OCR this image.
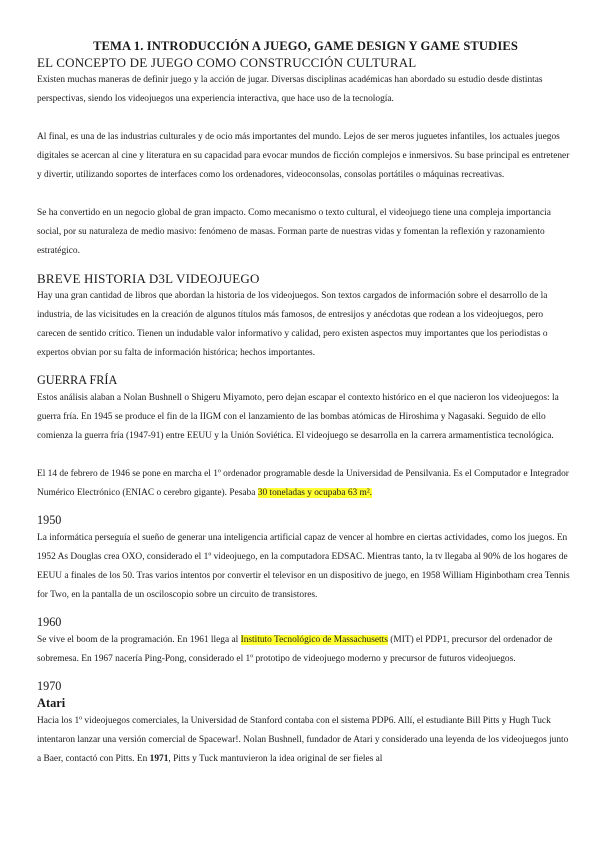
TEMA 1. INTRODUCCIÓN A JUEGO, GAME DESIGN Y GAME STUDIES
EL CONCEPTO DE JUEGO COMO CONSTRUCCIÓN CULTURAL

Existen muchas maneras de definir juego y la acción de jugar. Diversas disciplinas académicas han abordado su estudio desde distintas perspectivas, siendo los videojuegos una experiencia interactiva, que hace uso de la tecnología.

Al final, es una de las industrias culturales y de ocio más importantes del mundo. Lejos de ser meros juguetes infantiles, los actuales juegos digitales se acercan al cine y literatura en su capacidad para evocar mundos de ficción complejos e inmersivos. Su base principal es entretener y divertir, utilizando soportes de interfaces como los ordenadores, videoconsolas, consolas portátiles o máquinas recreativas.

Se ha convertido en un negocio global de gran impacto. Como mecanismo o texto cultural, el videojuego tiene una compleja importancia social, por su naturaleza de medio masivo: fenómeno de masas. Forman parte de nuestras vidas y fomentan la reflexión y razonamiento estratégico.

BREVE HISTORIA D3L VIDEOJUEGO

Hay una gran cantidad de libros que abordan la historia de los videojuegos. Son textos cargados de información sobre el desarrollo de la industria, de las vicisitudes en la creación de algunos títulos más famosos, de entresijos y anécdotas que rodean a los videojuegos, pero carecen de sentido crítico. Tienen un indudable valor informativo y calidad, pero existen aspectos muy importantes que los periodistas o expertos obvian por su falta de información histórica; hechos importantes.

GUERRA FRÍA

Estos análisis alaban a Nolan Bushnell o Shigeru Miyamoto, pero dejan escapar el contexto histórico en el que nacieron los videojuegos: la guerra fría. En 1945 se produce el fin de la IIGM con el lanzamiento de las bombas atómicas de Hiroshima y Nagasaki. Seguido de ello comienza la guerra fría (1947-91) entre EEUU y la Unión Soviética. El videojuego se desarrolla en la carrera armamentística tecnológica.

El 14 de febrero de 1946 se pone en marcha el 1º ordenador programable desde la Universidad de Pensilvania. Es el Computador e Integrador Numérico Electrónico (ENIAC o cerebro gigante). Pesaba 30 toneladas y ocupaba 63 m².

1950

La informática perseguía el sueño de generar una inteligencia artificial capaz de vencer al hombre en ciertas actividades, como los juegos. En 1952 As Douglas crea OXO, considerado el 1º videojuego, en la computadora EDSAC. Mientras tanto, la tv llegaba al 90% de los hogares de EEUU a finales de los 50. Tras varios intentos por convertir el televisor en un dispositivo de juego, en 1958 William Higinbotham crea Tennis for Two, en la pantalla de un osciloscopio sobre un circuito de transistores.

1960

Se vive el boom de la programación. En 1961 llega al Instituto Tecnológico de Massachusetts (MIT) el PDP1, precursor del ordenador de sobremesa. En 1967 nacería Ping-Pong, considerado el 1º prototipo de videojuego moderno y precursor de futuros videojuegos.

1970
Atari

Hacia los 1º videojuegos comerciales, la Universidad de Stanford contaba con el sistema PDP6. Allí, el estudiante Bill Pitts y Hugh Tuck intentaron lanzar una versión comercial de Spacewar!. Nolan Bushnell, fundador de Atari y considerado una leyenda de los videojuegos junto a Baer, contactó con Pitts. En 1971, Pitts y Tuck mantuvieron la idea original de ser fieles al
